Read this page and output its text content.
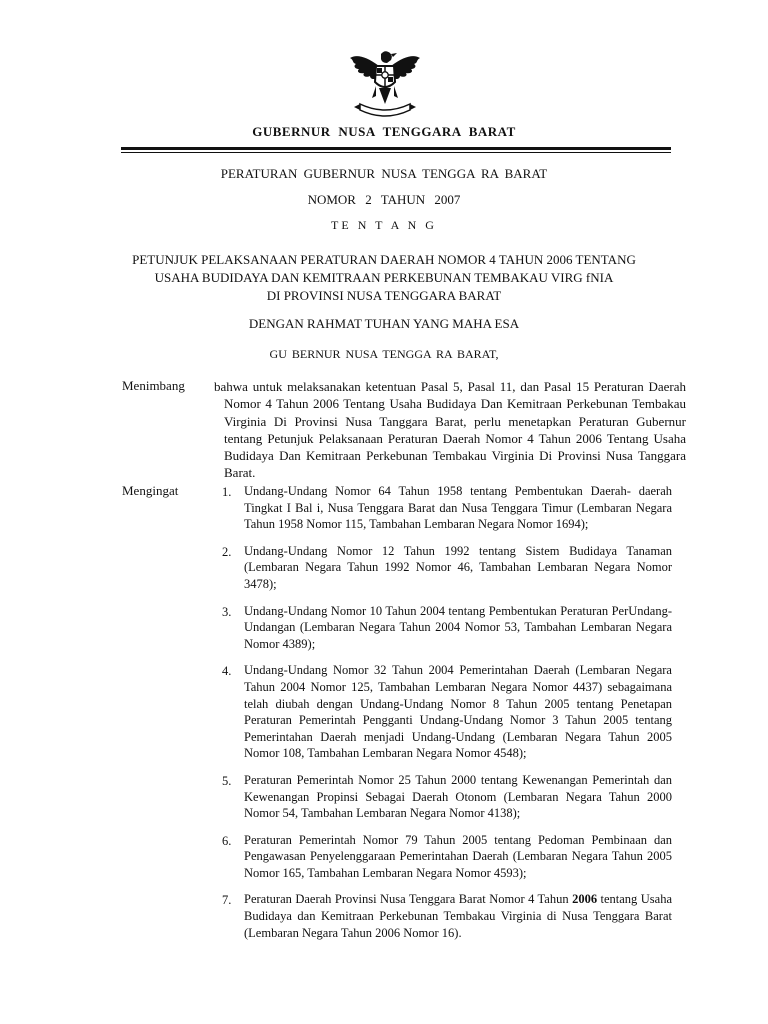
GUBERNUR NUSA TENGGARA BARAT
PERATURAN GUBERNUR NUSA TENGGA RA BARAT
NOMOR 2 TAHUN 2007
TE N T A N G
PETUNJUK PELAKSANAAN PERATURAN DAERAH NOMOR 4 TAHUN 2006 TENTANG
USAHA BUDIDAYA DAN KEMITRAAN PERKEBUNAN TEMBAKAU VIRG fNIA
DI PROVINSI NUSA TENGGARA BARAT
DENGAN RAHMAT TUHAN YANG MAHA ESA
GU BERNUR NUSA TENGGA RA BARAT,
Menimbang bahwa untuk melaksanakan ketentuan Pasal 5, Pasal 11, dan Pasal 15 Peraturan Daerah Nomor 4 Tahun 2006 Tentang Usaha Budidaya Dan Kemitraan Perkebunan Tembakau Virginia Di Provinsi Nusa Tanggara Barat, perlu menetapkan Peraturan Gubernur tentang Petunjuk Pelaksanaan Peraturan Daerah Nomor 4 Tahun 2006 Tentang Usaha Budidaya Dan Kemitraan Perkebunan Tembakau Virginia Di Provinsi Nusa Tanggara Barat.
Mengingat	1. Undang-Undang Nomor 64 Tahun 1958 tentang Pembentukan Daerah- daerah Tingkat I Bal i, Nusa Tenggara Barat dan Nusa Tenggara Timur (Lembaran Negara Tahun 1958 Nomor 115, Tambahan Lembaran Negara Nomor 1694);
2. Undang-Undang Nomor 12 Tahun 1992 tentang Sistem Budidaya Tanaman (Lembaran Negara Tahun 1992 Nomor 46, Tambahan Lembaran Negara Nomor 3478);
3. Undang-Undang Nomor 10 Tahun 2004 tentang Pembentukan Peraturan PerUndang-Undangan (Lembaran Negara Tahun 2004 Nomor 53, Tambahan Lembaran Negara Nomor 4389);
4. Undang-Undang Nomor 32 Tahun 2004 Pemerintahan Daerah (Lembaran Negara Tahun 2004 Nomor 125, Tambahan Lembaran Negara Nomor 4437) sebagaimana telah diubah dengan Undang-Undang Nomor 8 Tahun 2005 tentang Penetapan Peraturan Pemerintah Pengganti Undang-Undang Nomor 3 Tahun 2005 tentang Pemerintahan Daerah menjadi Undang-Undang (Lembaran Negara Tahun 2005 Nomor 108, Tambahan Lembaran Negara Nomor 4548);
5. Peraturan Pemerintah Nomor 25 Tahun 2000 tentang Kewenangan Pemerintah dan Kewenangan Propinsi Sebagai Daerah Otonom (Lembaran Negara Tahun 2000 Nomor 54, Tambahan Lembaran Negara Nomor 4138);
6. Peraturan Pemerintah Nomor 79 Tahun 2005 tentang Pedoman Pembinaan dan Pengawasan Penyelenggaraan Pemerintahan Daerah (Lembaran Negara Tahun 2005 Nomor 165, Tambahan Lembaran Negara Nomor 4593);
7. Peraturan Daerah Provinsi Nusa Tenggara Barat Nomor 4 Tahun 2006 tentang Usaha Budidaya dan Kemitraan Perkebunan Tembakau Virginia di Nusa Tenggara Barat (Lembaran Negara Tahun 2006 Nomor 16).
